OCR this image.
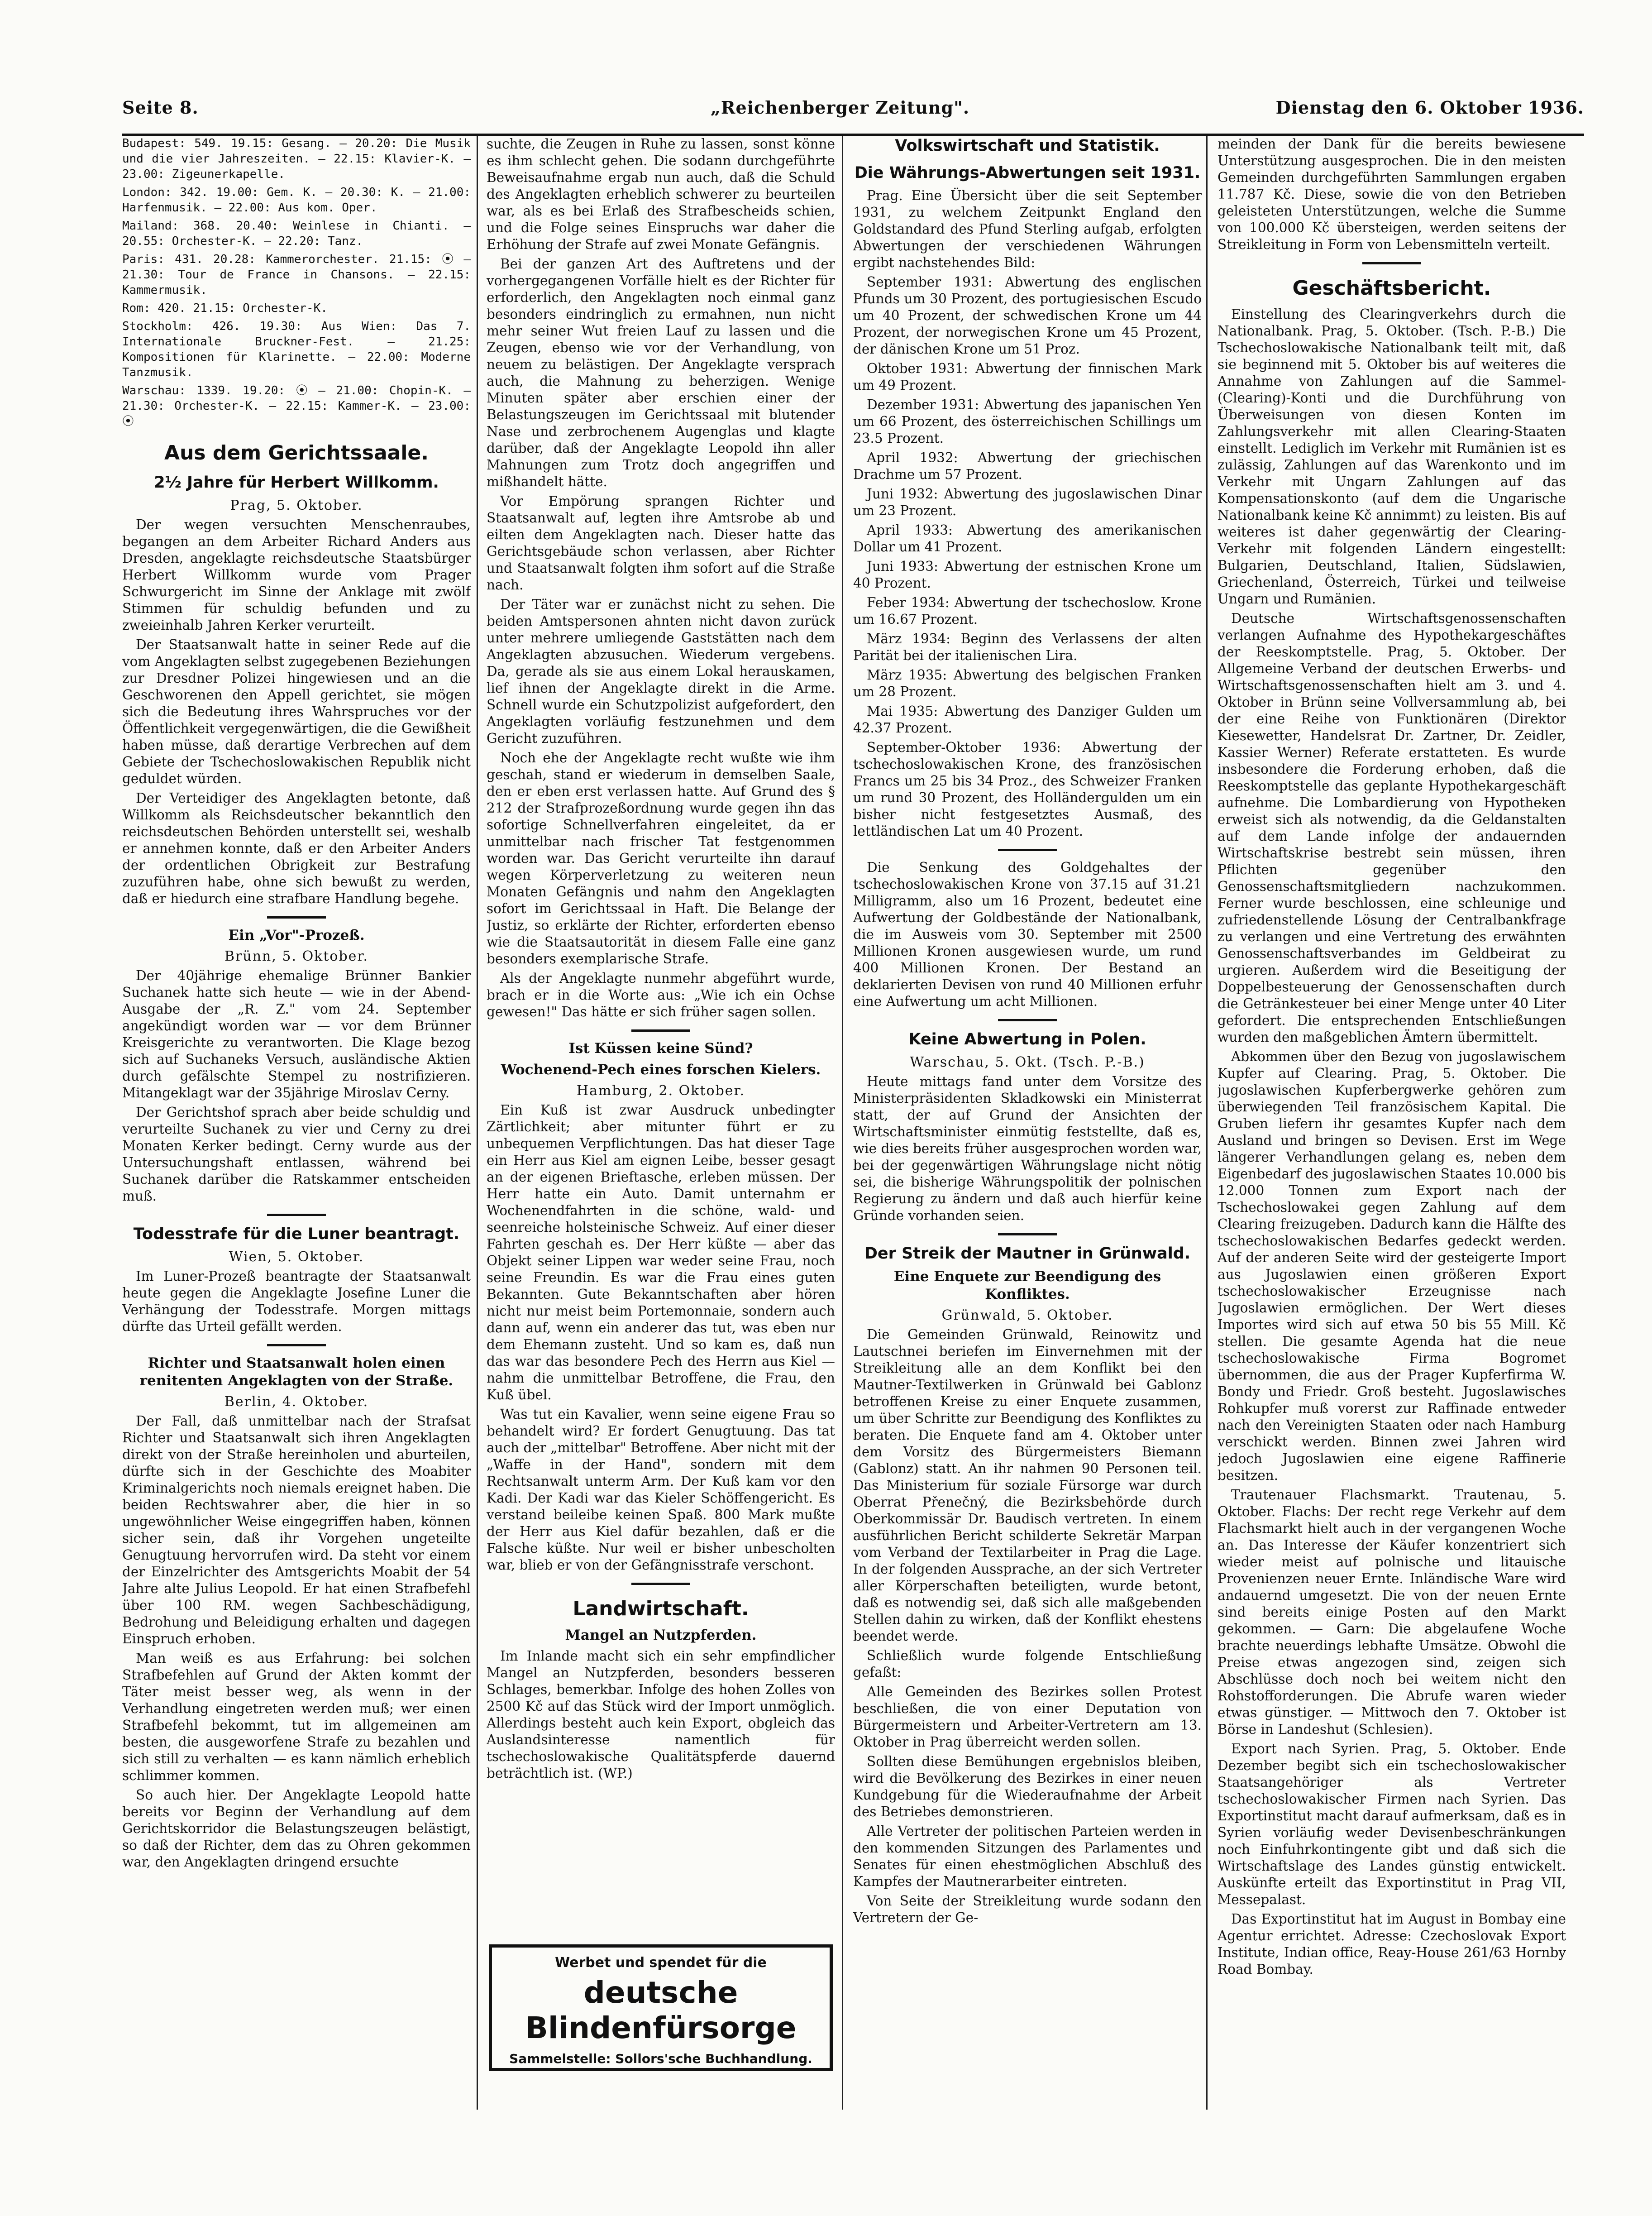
Seite 8.	„Reichenberger Zeitung".	Dienstag den 6. Oktober 1936.

Budapest: 549. 19.15: Gesang. — 20.20: Die Musik und die vier Jahreszeiten. — 22.15: Klavier-K. — 23.00: Zigeunerkapelle.

London: 342. 19.00: Gem. K. — 20.30: K. — 21.00: Harfenmusik. — 22.00: Aus kom. Oper.

Mailand: 368. 20.40: Weinlese in Chianti. — 20.55: Orchester-K. — 22.20: Tanz.

Paris: 431. 20.28: Kammerorchester. 21.15: ⦿ — 21.30: Tour de France in Chansons. — 22.15: Kammermusik.

Rom: 420. 21.15: Orchester-K.

Stockholm: 426. 19.30: Aus Wien: Das 7. Internationale Bruckner-Fest. — 21.25: Kompositionen für Klarinette. — 22.00: Moderne Tanzmusik.

Warschau: 1339. 19.20: ⦿ — 21.00: Chopin-K. — 21.30: Orchester-K. — 22.15: Kammer-K. — 23.00: ⦿

Aus dem Gerichtssaale.
2½ Jahre für Herbert Willkomm.
Prag, 5. Oktober.

Der wegen versuchten Menschenraubes, begangen an dem Arbeiter Richard Anders aus Dresden, angeklagte reichsdeutsche Staatsbürger Herbert Willkomm wurde vom Prager Schwurgericht im Sinne der Anklage mit zwölf Stimmen für schuldig befunden und zu zweieinhalb Jahren Kerker verurteilt.

Der Staatsanwalt hatte in seiner Rede auf die vom Angeklagten selbst zugegebenen Beziehungen zur Dresdner Polizei hingewiesen und an die Geschworenen den Appell gerichtet, sie mögen sich die Bedeutung ihres Wahrspruches vor der Öffentlichkeit vergegenwärtigen, die die Gewißheit haben müsse, daß derartige Verbrechen auf dem Gebiete der Tschechoslowakischen Republik nicht geduldet würden.

Der Verteidiger des Angeklagten betonte, daß Willkomm als Reichsdeutscher bekanntlich den reichsdeutschen Behörden unterstellt sei, weshalb er annehmen konnte, daß er den Arbeiter Anders der ordentlichen Obrigkeit zur Bestrafung zuzuführen habe, ohne sich bewußt zu werden, daß er hiedurch eine strafbare Handlung begehe.

Ein „Vor"-Prozeß.
Brünn, 5. Oktober.

Der 40jährige ehemalige Brünner Bankier Suchanek hatte sich heute — wie in der Abend-Ausgabe der „R. Z." vom 24. September angekündigt worden war — vor dem Brünner Kreisgerichte zu verantworten. Die Klage bezog sich auf Suchaneks Versuch, ausländische Aktien durch gefälschte Stempel zu nostrifizieren. Mitangeklagt war der 35jährige Miroslav Cerny.

Der Gerichtshof sprach aber beide schuldig und verurteilte Suchanek zu vier und Cerny zu drei Monaten Kerker bedingt. Cerny wurde aus der Untersuchungshaft entlassen, während bei Suchanek darüber die Ratskammer entscheiden muß.

Todesstrafe für die Luner beantragt.
Wien, 5. Oktober.

Im Luner-Prozeß beantragte der Staatsanwalt heute gegen die Angeklagte Josefine Luner die Verhängung der Todesstrafe. Morgen mittags dürfte das Urteil gefällt werden.

Richter und Staatsanwalt holen einen renitenten Angeklagten von der Straße.
Berlin, 4. Oktober.

Der Fall, daß unmittelbar nach der Strafsat Richter und Staatsanwalt sich ihren Angeklagten direkt von der Straße hereinholen und aburteilen, dürfte sich in der Geschichte des Moabiter Kriminalgerichts noch niemals ereignet haben. Die beiden Rechtswahrer aber, die hier in so ungewöhnlicher Weise eingegriffen haben, können sicher sein, daß ihr Vorgehen ungeteilte Genugtuung hervorrufen wird. Da steht vor einem der Einzelrichter des Amtsgerichts Moabit der 54 Jahre alte Julius Leopold. Er hat einen Strafbefehl über 100 RM. wegen Sachbeschädigung, Bedrohung und Beleidigung erhalten und dagegen Einspruch erhoben.

Man weiß es aus Erfahrung: bei solchen Strafbefehlen auf Grund der Akten kommt der Täter meist besser weg, als wenn in der Verhandlung eingetreten werden muß; wer einen Strafbefehl bekommt, tut im allgemeinen am besten, die ausgeworfene Strafe zu bezahlen und sich still zu verhalten — es kann nämlich erheblich schlimmer kommen.

So auch hier. Der Angeklagte Leopold hatte bereits vor Beginn der Verhandlung auf dem Gerichtskorridor die Belastungszeugen belästigt, so daß der Richter, dem das zu Ohren gekommen war, den Angeklagten dringend ersuchte

suchte, die Zeugen in Ruhe zu lassen, sonst könne es ihm schlecht gehen. Die sodann durchgeführte Beweisaufnahme ergab nun auch, daß die Schuld des Angeklagten erheblich schwerer zu beurteilen war, als es bei Erlaß des Strafbescheids schien, und die Folge seines Einspruchs war daher die Erhöhung der Strafe auf zwei Monate Gefängnis.

Bei der ganzen Art des Auftretens und der vorhergegangenen Vorfälle hielt es der Richter für erforderlich, den Angeklagten noch einmal ganz besonders eindringlich zu ermahnen, nun nicht mehr seiner Wut freien Lauf zu lassen und die Zeugen, ebenso wie vor der Verhandlung, von neuem zu belästigen. Der Angeklagte versprach auch, die Mahnung zu beherzigen. Wenige Minuten später aber erschien einer der Belastungszeugen im Gerichtssaal mit blutender Nase und zerbrochenem Augenglas und klagte darüber, daß der Angeklagte Leopold ihn aller Mahnungen zum Trotz doch angegriffen und mißhandelt hätte.

Vor Empörung sprangen Richter und Staatsanwalt auf, legten ihre Amtsrobe ab und eilten dem Angeklagten nach. Dieser hatte das Gerichtsgebäude schon verlassen, aber Richter und Staatsanwalt folgten ihm sofort auf die Straße nach.

Der Täter war er zunächst nicht zu sehen. Die beiden Amtspersonen ahnten nicht davon zurück unter mehrere umliegende Gaststätten nach dem Angeklagten abzusuchen. Wiederum vergebens. Da, gerade als sie aus einem Lokal herauskamen, lief ihnen der Angeklagte direkt in die Arme. Schnell wurde ein Schutzpolizist aufgefordert, den Angeklagten vorläufig festzunehmen und dem Gericht zuzuführen.

Noch ehe der Angeklagte recht wußte wie ihm geschah, stand er wiederum in demselben Saale, den er eben erst verlassen hatte. Auf Grund des § 212 der Strafprozeßordnung wurde gegen ihn das sofortige Schnellverfahren eingeleitet, da er unmittelbar nach frischer Tat festgenommen worden war. Das Gericht verurteilte ihn darauf wegen Körperverletzung zu weiteren neun Monaten Gefängnis und nahm den Angeklagten sofort im Gerichtssaal in Haft. Die Belange der Justiz, so erklärte der Richter, erforderten ebenso wie die Staatsautorität in diesem Falle eine ganz besonders exemplarische Strafe.

Als der Angeklagte nunmehr abgeführt wurde, brach er in die Worte aus: „Wie ich ein Ochse gewesen!" Das hätte er sich früher sagen sollen.

Ist Küssen keine Sünd?
Wochenend-Pech eines forschen Kielers.
Hamburg, 2. Oktober.

Ein Kuß ist zwar Ausdruck unbedingter Zärtlichkeit; aber mitunter führt er zu unbequemen Verpflichtungen. Das hat dieser Tage ein Herr aus Kiel am eignen Leibe, besser gesagt an der eigenen Brieftasche, erleben müssen. Der Herr hatte ein Auto. Damit unternahm er Wochenendfahrten in die schöne, wald- und seenreiche holsteinische Schweiz. Auf einer dieser Fahrten geschah es. Der Herr küßte — aber das Objekt seiner Lippen war weder seine Frau, noch seine Freundin. Es war die Frau eines guten Bekannten. Gute Bekanntschaften aber hören nicht nur meist beim Portemonnaie, sondern auch dann auf, wenn ein anderer das tut, was eben nur dem Ehemann zusteht. Und so kam es, daß nun das war das besondere Pech des Herrn aus Kiel — nahm die unmittelbar Betroffene, die Frau, den Kuß übel.

Was tut ein Kavalier, wenn seine eigene Frau so behandelt wird? Er fordert Genugtuung. Das tat auch der „mittelbar" Betroffene. Aber nicht mit der „Waffe in der Hand", sondern mit dem Rechtsanwalt unterm Arm. Der Kuß kam vor den Kadi. Der Kadi war das Kieler Schöffengericht. Es verstand beileibe keinen Spaß. 800 Mark mußte der Herr aus Kiel dafür bezahlen, daß er die Falsche küßte. Nur weil er bisher unbescholten war, blieb er von der Gefängnisstrafe verschont.

Landwirtschaft.
Mangel an Nutzpferden.

Im Inlande macht sich ein sehr empfindlicher Mangel an Nutzpferden, besonders besseren Schlages, bemerkbar. Infolge des hohen Zolles von 2500 Kč auf das Stück wird der Import unmöglich. Allerdings besteht auch kein Export, obgleich das Auslandsinteresse namentlich für tschechoslowakische Qualitätspferde dauernd beträchtlich ist. (WP.)

Werbet und spendet für die
deutsche Blindenfürsorge
Sammelstelle: Sollors'sche Buchhandlung.
Volkswirtschaft und Statistik.
Die Währungs-Abwertungen seit 1931.

Prag. Eine Übersicht über die seit September 1931, zu welchem Zeitpunkt England den Goldstandard des Pfund Sterling aufgab, erfolgten Abwertungen der verschiedenen Währungen ergibt nachstehendes Bild:

September 1931: Abwertung des englischen Pfunds um 30 Prozent, des portugiesischen Escudo um 40 Prozent, der schwedischen Krone um 44 Prozent, der norwegischen Krone um 45 Prozent, der dänischen Krone um 51 Proz.

Oktober 1931: Abwertung der finnischen Mark um 49 Prozent.

Dezember 1931: Abwertung des japanischen Yen um 66 Prozent, des österreichischen Schillings um 23.5 Prozent.

April 1932: Abwertung der griechischen Drachme um 57 Prozent.

Juni 1932: Abwertung des jugoslawischen Dinar um 23 Prozent.

April 1933: Abwertung des amerikanischen Dollar um 41 Prozent.

Juni 1933: Abwertung der estnischen Krone um 40 Prozent.

Feber 1934: Abwertung der tschechoslow. Krone um 16.67 Prozent.

März 1934: Beginn des Verlassens der alten Parität bei der italienischen Lira.

März 1935: Abwertung des belgischen Franken um 28 Prozent.

Mai 1935: Abwertung des Danziger Gulden um 42.37 Prozent.

September-Oktober 1936: Abwertung der tschechoslowakischen Krone, des französischen Francs um 25 bis 34 Proz., des Schweizer Franken um rund 30 Prozent, des Holländergulden um ein bisher nicht festgesetztes Ausmaß, des lettländischen Lat um 40 Prozent.

Die Senkung des Goldgehaltes der tschechoslowakischen Krone von 37.15 auf 31.21 Milligramm, also um 16 Prozent, bedeutet eine Aufwertung der Goldbestände der Nationalbank, die im Ausweis vom 30. September mit 2500 Millionen Kronen ausgewiesen wurde, um rund 400 Millionen Kronen. Der Bestand an deklarierten Devisen von rund 40 Millionen erfuhr eine Aufwertung um acht Millionen.

Keine Abwertung in Polen.
Warschau, 5. Okt. (Tsch. P.-B.)

Heute mittags fand unter dem Vorsitze des Ministerpräsidenten Skladkowski ein Ministerrat statt, der auf Grund der Ansichten der Wirtschaftsminister einmütig feststellte, daß es, wie dies bereits früher ausgesprochen worden war, bei der gegenwärtigen Währungslage nicht nötig sei, die bisherige Währungspolitik der polnischen Regierung zu ändern und daß auch hierfür keine Gründe vorhanden seien.

Der Streik der Mautner in Grünwald.
Eine Enquete zur Beendigung des Konfliktes.
Grünwald, 5. Oktober.

Die Gemeinden Grünwald, Reinowitz und Lautschnei beriefen im Einvernehmen mit der Streikleitung alle an dem Konflikt bei den Mautner-Textilwerken in Grünwald bei Gablonz betroffenen Kreise zu einer Enquete zusammen, um über Schritte zur Beendigung des Konfliktes zu beraten. Die Enquete fand am 4. Oktober unter dem Vorsitz des Bürgermeisters Biemann (Gablonz) statt. An ihr nahmen 90 Personen teil. Das Ministerium für soziale Fürsorge war durch Oberrat Přenečný, die Bezirksbehörde durch Oberkommissär Dr. Baudisch vertreten. In einem ausführlichen Bericht schilderte Sekretär Marpan vom Verband der Textilarbeiter in Prag die Lage. In der folgenden Aussprache, an der sich Vertreter aller Körperschaften beteiligten, wurde betont, daß es notwendig sei, daß sich alle maßgebenden Stellen dahin zu wirken, daß der Konflikt ehestens beendet werde.

Schließlich wurde folgende Entschließung gefaßt:

Alle Gemeinden des Bezirkes sollen Protest beschließen, die von einer Deputation von Bürgermeistern und Arbeiter-Vertretern am 13. Oktober in Prag überreicht werden sollen.

Sollten diese Bemühungen ergebnislos bleiben, wird die Bevölkerung des Bezirkes in einer neuen Kundgebung für die Wiederaufnahme der Arbeit des Betriebes demonstrieren.

Alle Vertreter der politischen Parteien werden in den kommenden Sitzungen des Parlamentes und Senates für einen ehestmöglichen Abschluß des Kampfes der Mautnerarbeiter eintreten.

Von Seite der Streikleitung wurde sodann den Vertretern der Ge-

meinden der Dank für die bereits bewiesene Unterstützung ausgesprochen. Die in den meisten Gemeinden durchgeführten Sammlungen ergaben 11.787 Kč. Diese, sowie die von den Betrieben geleisteten Unterstützungen, welche die Summe von 100.000 Kč übersteigen, werden seitens der Streikleitung in Form von Lebensmitteln verteilt.

Geschäftsbericht.

Einstellung des Clearingverkehrs durch die Nationalbank. Prag, 5. Oktober. (Tsch. P.-B.) Die Tschechoslowakische Nationalbank teilt mit, daß sie beginnend mit 5. Oktober bis auf weiteres die Annahme von Zahlungen auf die Sammel-(Clearing)-Konti und die Durchführung von Überweisungen von diesen Konten im Zahlungsverkehr mit allen Clearing-Staaten einstellt. Lediglich im Verkehr mit Rumänien ist es zulässig, Zahlungen auf das Warenkonto und im Verkehr mit Ungarn Zahlungen auf das Kompensationskonto (auf dem die Ungarische Nationalbank keine Kč annimmt) zu leisten. Bis auf weiteres ist daher gegenwärtig der Clearing-Verkehr mit folgenden Ländern eingestellt: Bulgarien, Deutschland, Italien, Südslawien, Griechenland, Österreich, Türkei und teilweise Ungarn und Rumänien.

Deutsche Wirtschaftsgenossenschaften verlangen Aufnahme des Hypothekargeschäftes der Reeskomptstelle. Prag, 5. Oktober. Der Allgemeine Verband der deutschen Erwerbs- und Wirtschaftsgenossenschaften hielt am 3. und 4. Oktober in Brünn seine Vollversammlung ab, bei der eine Reihe von Funktionären (Direktor Kiesewetter, Handelsrat Dr. Zartner, Dr. Zeidler, Kassier Werner) Referate erstatteten. Es wurde insbesondere die Forderung erhoben, daß die Reeskomptstelle das geplante Hypothekargeschäft aufnehme. Die Lombardierung von Hypotheken erweist sich als notwendig, da die Geldanstalten auf dem Lande infolge der andauernden Wirtschaftskrise bestrebt sein müssen, ihren Pflichten gegenüber den Genossenschaftsmitgliedern nachzukommen. Ferner wurde beschlossen, eine schleunige und zufriedenstellende Lösung der Centralbankfrage zu verlangen und eine Vertretung des erwähnten Genossenschaftsverbandes im Geldbeirat zu urgieren. Außerdem wird die Beseitigung der Doppelbesteuerung der Genossenschaften durch die Getränkesteuer bei einer Menge unter 40 Liter gefordert. Die entsprechenden Entschließungen wurden den maßgeblichen Ämtern übermittelt.

Abkommen über den Bezug von jugoslawischem Kupfer auf Clearing. Prag, 5. Oktober. Die jugoslawischen Kupferbergwerke gehören zum überwiegenden Teil französischem Kapital. Die Gruben liefern ihr gesamtes Kupfer nach dem Ausland und bringen so Devisen. Erst im Wege längerer Verhandlungen gelang es, neben dem Eigenbedarf des jugoslawischen Staates 10.000 bis 12.000 Tonnen zum Export nach der Tschechoslowakei gegen Zahlung auf dem Clearing freizugeben. Dadurch kann die Hälfte des tschechoslowakischen Bedarfes gedeckt werden. Auf der anderen Seite wird der gesteigerte Import aus Jugoslawien einen größeren Export tschechoslowakischer Erzeugnisse nach Jugoslawien ermöglichen. Der Wert dieses Importes wird sich auf etwa 50 bis 55 Mill. Kč stellen. Die gesamte Agenda hat die neue tschechoslowakische Firma Bogromet übernommen, die aus der Prager Kupferfirma W. Bondy und Friedr. Groß besteht. Jugoslawisches Rohkupfer muß vorerst zur Raffinade entweder nach den Vereinigten Staaten oder nach Hamburg verschickt werden. Binnen zwei Jahren wird jedoch Jugoslawien eine eigene Raffinerie besitzen.

Trautenauer Flachsmarkt. Trautenau, 5. Oktober. Flachs: Der recht rege Verkehr auf dem Flachsmarkt hielt auch in der vergangenen Woche an. Das Interesse der Käufer konzentriert sich wieder meist auf polnische und litauische Provenienzen neuer Ernte. Inländische Ware wird andauernd umgesetzt. Die von der neuen Ernte sind bereits einige Posten auf den Markt gekommen. — Garn: Die abgelaufene Woche brachte neuerdings lebhafte Umsätze. Obwohl die Preise etwas angezogen sind, zeigen sich Abschlüsse doch noch bei weitem nicht den Rohstofforderungen. Die Abrufe waren wieder etwas günstiger. — Mittwoch den 7. Oktober ist Börse in Landeshut (Schlesien).

Export nach Syrien. Prag, 5. Oktober. Ende Dezember begibt sich ein tschechoslowakischer Staatsangehöriger als Vertreter tschechoslowakischer Firmen nach Syrien. Das Exportinstitut macht darauf aufmerksam, daß es in Syrien vorläufig weder Devisenbeschränkungen noch Einfuhrkontingente gibt und daß sich die Wirtschaftslage des Landes günstig entwickelt. Auskünfte erteilt das Exportinstitut in Prag VII, Messepalast.

Das Exportinstitut hat im August in Bombay eine Agentur errichtet. Adresse: Czechoslovak Export Institute, Indian office, Reay-House 261/63 Hornby Road Bombay.
